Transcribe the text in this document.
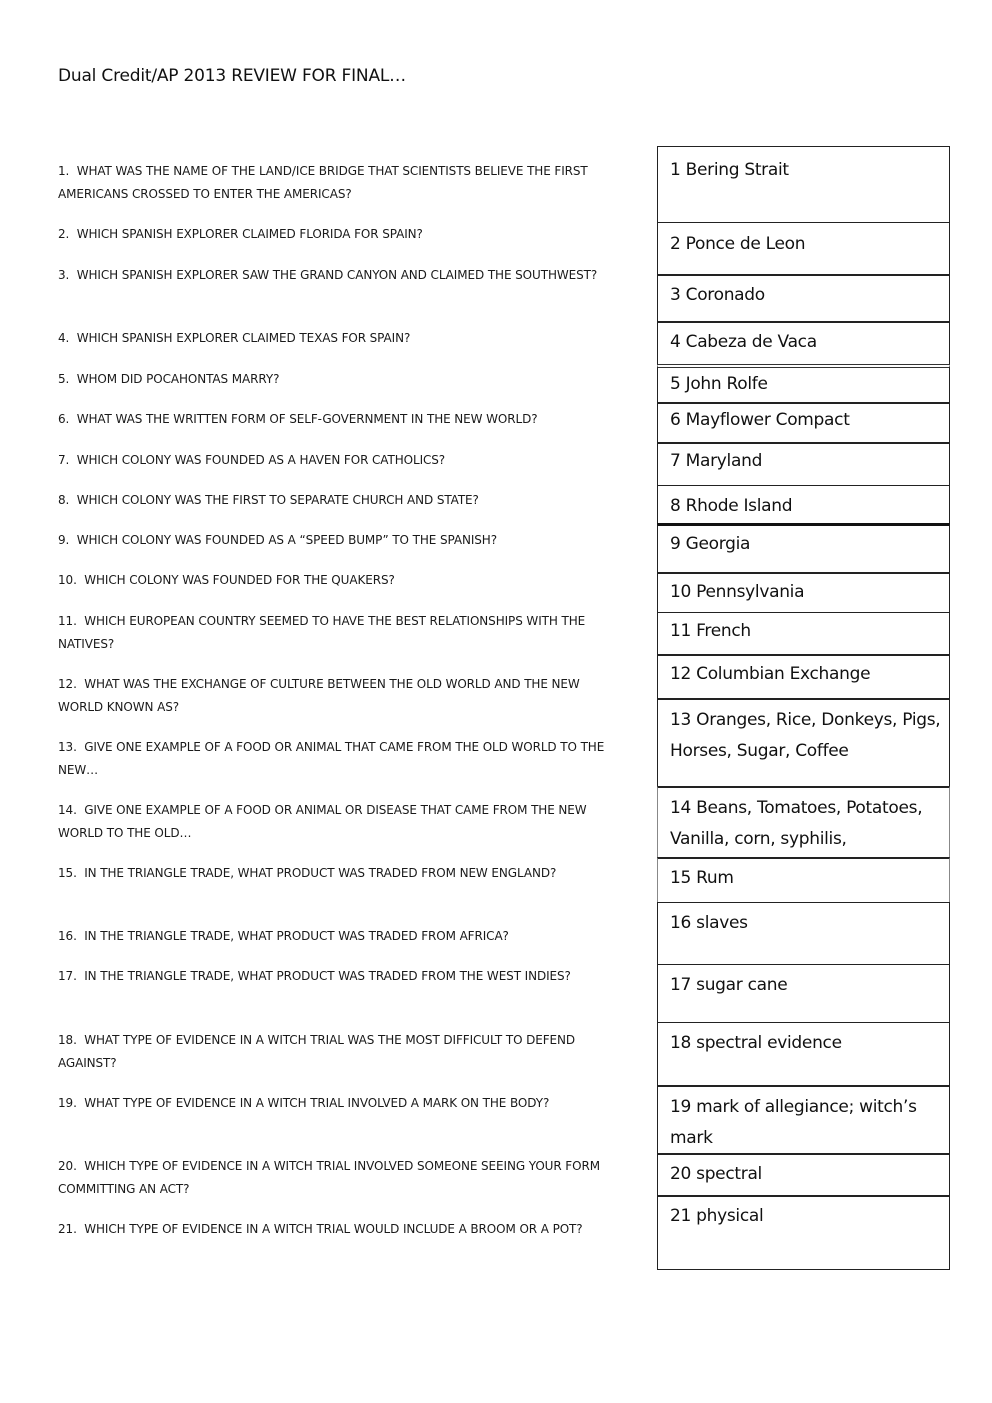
Dual Credit/AP 2013 REVIEW FOR FINAL…
1. WHAT WAS THE NAME OF THE LAND/ICE BRIDGE THAT SCIENTISTS BELIEVE THE FIRST AMERICANS CROSSED TO ENTER THE AMERICAS?
2. WHICH SPANISH EXPLORER CLAIMED FLORIDA FOR SPAIN?
3. WHICH SPANISH EXPLORER SAW THE GRAND CANYON AND CLAIMED THE SOUTHWEST?
4. WHICH SPANISH EXPLORER CLAIMED TEXAS FOR SPAIN?
5. WHOM DID POCAHONTAS MARRY?
6. WHAT WAS THE WRITTEN FORM OF SELF-GOVERNMENT IN THE NEW WORLD?
7. WHICH COLONY WAS FOUNDED AS A HAVEN FOR CATHOLICS?
8. WHICH COLONY WAS THE FIRST TO SEPARATE CHURCH AND STATE?
9. WHICH COLONY WAS FOUNDED AS A “SPEED BUMP” TO THE SPANISH?
10. WHICH COLONY WAS FOUNDED FOR THE QUAKERS?
11. WHICH EUROPEAN COUNTRY SEEMED TO HAVE THE BEST RELATIONSHIPS WITH THE NATIVES?
12. WHAT WAS THE EXCHANGE OF CULTURE BETWEEN THE OLD WORLD AND THE NEW WORLD KNOWN AS?
13. GIVE ONE EXAMPLE OF A FOOD OR ANIMAL THAT CAME FROM THE OLD WORLD TO THE NEW…
14. GIVE ONE EXAMPLE OF A FOOD OR ANIMAL OR DISEASE THAT CAME FROM THE NEW WORLD TO THE OLD…
15. IN THE TRIANGLE TRADE, WHAT PRODUCT WAS TRADED FROM NEW ENGLAND?
16. IN THE TRIANGLE TRADE, WHAT PRODUCT WAS TRADED FROM AFRICA?
17. IN THE TRIANGLE TRADE, WHAT PRODUCT WAS TRADED FROM THE WEST INDIES?
18. WHAT TYPE OF EVIDENCE IN A WITCH TRIAL WAS THE MOST DIFFICULT TO DEFEND AGAINST?
19. WHAT TYPE OF EVIDENCE IN A WITCH TRIAL INVOLVED A MARK ON THE BODY?
20. WHICH TYPE OF EVIDENCE IN A WITCH TRIAL INVOLVED SOMEONE SEEING YOUR FORM COMMITTING AN ACT?
21. WHICH TYPE OF EVIDENCE IN A WITCH TRIAL WOULD INCLUDE A BROOM OR A POT?
1 Bering Strait
2 Ponce de Leon
3 Coronado
4 Cabeza de Vaca
5 John Rolfe
6 Mayflower Compact
7 Maryland
8 Rhode Island
9 Georgia
10 Pennsylvania
11 French
12 Columbian Exchange
13 Oranges, Rice, Donkeys, Pigs, Horses, Sugar, Coffee
14 Beans, Tomatoes, Potatoes, Vanilla, corn, syphilis,
15 Rum
16 slaves
17 sugar cane
18 spectral evidence
19 mark of allegiance; witch’s mark
20 spectral
21 physical
